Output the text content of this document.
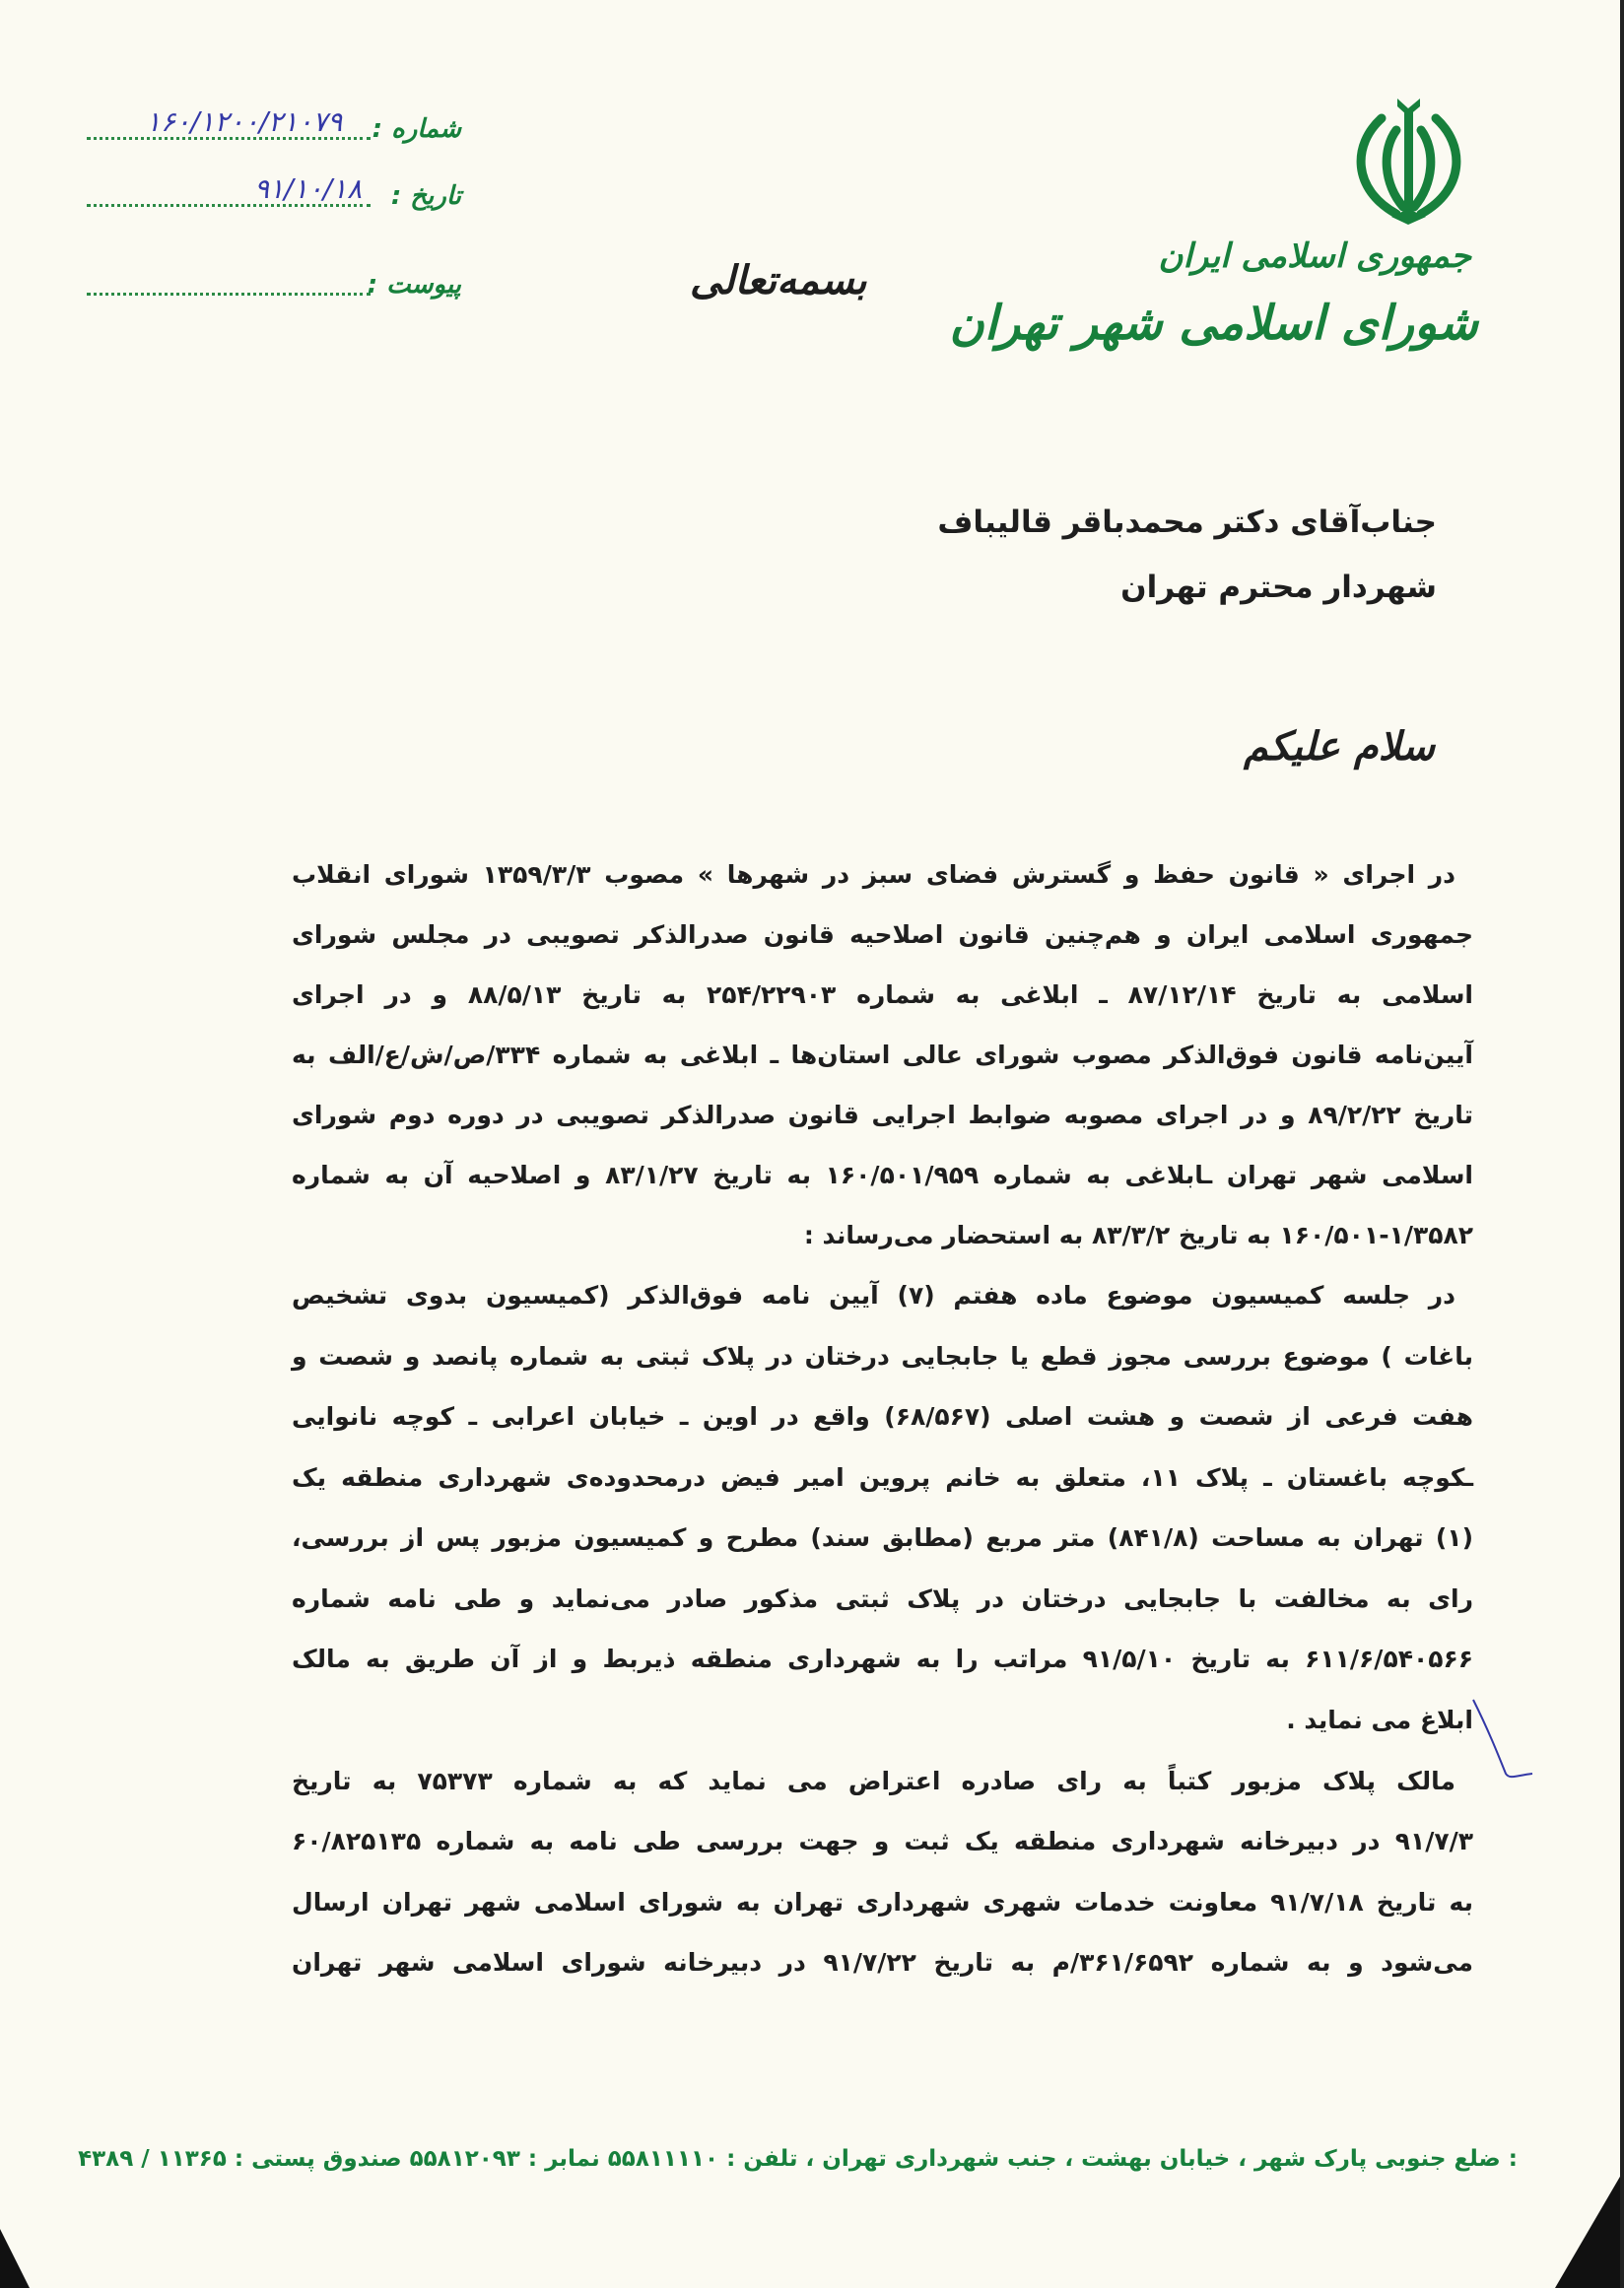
جمهوری اسلامی ایران
شورای اسلامی شهر تهران
بسمه‌تعالی
۱۶۰/۱۲۰۰/۲۱۰۷۹ شماره :
۹۱/۱۰/۱۸ تاریخ :
پیوست :
جناب‌آقای دکتر محمدباقر قالیباف
شهردار محترم تهران
سلام علیکم
در اجرای « قانون حفظ و گسترش فضای سبز در شهرها » مصوب ۱۳۵۹/۳/۳ شورای انقلاب
جمهوری اسلامی ایران و هم‌چنین قانون اصلاحیه قانون صدرالذکر تصویبی در مجلس شورای
اسلامی به تاریخ ۸۷/۱۲/۱۴ ـ ابلاغی به شماره ۲۵۴/۲۲۹۰۳ به تاریخ ۸۸/۵/۱۳ و در اجرای
آیین‌نامه قانون فوق‌الذکر مصوب شورای عالی استان‌ها ـ ابلاغی به شماره ۳۳۴/ص/ش/ع/الف به
تاریخ ۸۹/۲/۲۲ و در اجرای مصوبه ضوابط اجرایی قانون صدرالذکر تصویبی در دوره دوم شورای
اسلامی شهر تهران ـابلاغی به شماره ۱۶۰/۵۰۱/۹۵۹ به تاریخ ۸۳/۱/۲۷ و اصلاحیه آن به شماره
۱۶۰/۵۰۱-۱/۳۵۸۲ به تاریخ ۸۳/۳/۲ به استحضار می‌رساند :
در جلسه کمیسیون موضوع ماده هفتم (۷) آیین نامه فوق‌الذکر (کمیسیون بدوی تشخیص
باغات ) موضوع بررسی مجوز قطع یا جابجایی درختان در پلاک ثبتی به شماره پانصد و شصت و
هفت فرعی از شصت و هشت اصلی (۶۸/۵۶۷) واقع در اوین ـ خیابان اعرابی ـ کوچه نانوایی
ـکوچه باغستان ـ پلاک ۱۱، متعلق به خانم پروین امیر فیض درمحدوده‌ی شهرداری منطقه یک
(۱) تهران به مساحت (۸۴۱/۸) متر مربع (مطابق سند) مطرح و کمیسیون مزبور پس از بررسی،
رای به مخالفت با جابجایی درختان در پلاک ثبتی مذکور صادر می‌نماید و طی نامه شماره
۶۱۱/۶/۵۴۰۵۶۶ به تاریخ ۹۱/۵/۱۰ مراتب را به شهرداری منطقه ذیربط و از آن طریق به مالک
ابلاغ می نماید .
مالک پلاک مزبور کتباً به رای صادره اعتراض می نماید که به شماره ۷۵۳۷۳ به تاریخ
۹۱/۷/۳ در دبیرخانه شهرداری منطقه یک ثبت و جهت بررسی طی نامه به شماره ۶۰/۸۲۵۱۳۵
به تاریخ ۹۱/۷/۱۸ معاونت خدمات شهری شهرداری تهران به شورای اسلامی شهر تهران ارسال
می‌شود و به شماره ۳۶۱/۶۵۹۲/م به تاریخ ۹۱/۷/۲۲ در دبیرخانه شورای اسلامی شهر تهران
: ضلع جنوبی پارک شهر ، خیابان بهشت ، جنب شهرداری تهران ، تلفن : ۵۵۸۱۱۱۱۰ نمابر : ۵۵۸۱۲۰۹۳ صندوق پستی : ۱۱۳۶۵ / ۴۳۸۹
